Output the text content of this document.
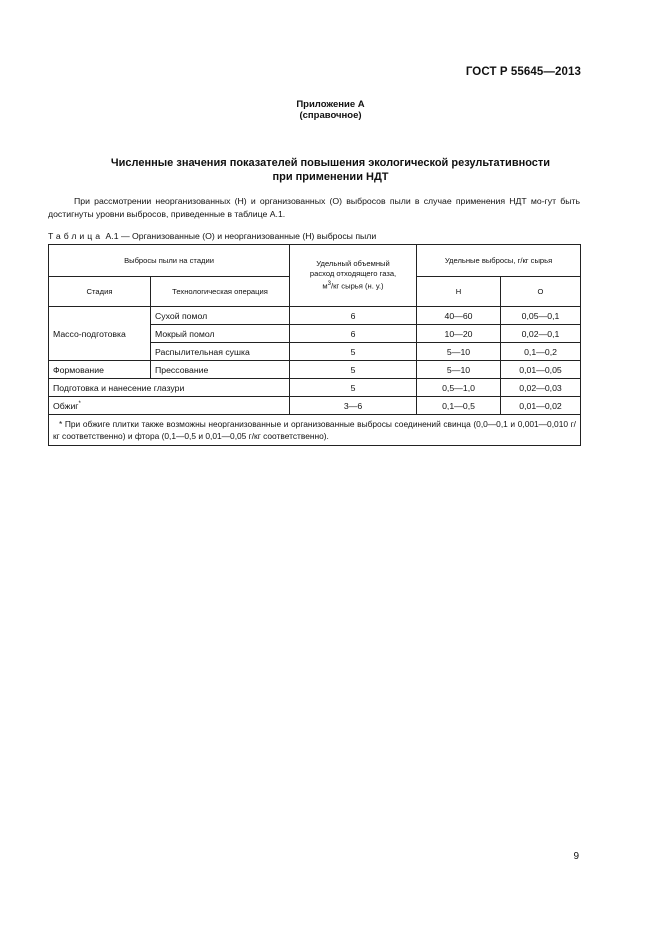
ГОСТ Р 55645—2013
Приложение А
(справочное)
Численные значения показателей повышения экологической результативности
при применении НДТ
При рассмотрении неорганизованных (Н) и организованных (О) выбросов пыли в случае применения НДТ мо-гут быть достигнуты уровни выбросов, приведенные в таблице А.1.
Таблица А.1 — Организованные (О) и неорганизованные (Н) выбросы пыли
Выбросы пыли на стадии		Удельный объемный
расход отходящего газа,
$м^3/кг$ сырья (н. у.)	Удельные выбросы, г/кг сырья	
Стадия	Технологическая операция		Н	О
Массо-подготовка	Сухой помол	6	40—60	0,05—0,1
	Мокрый помол	6	10—20	0,02—0,1
	Распылительная сушка	5	5—10	0,1—0,2
Формование	Прессование	5	5—10	0,01—0,05
Подготовка и нанесение глазури		5	0,5—1,0	0,02—0,03
Обжиг*		3—6	0,1—0,5	0,01—0,02
* При обжиге плитки также возможны неорганизованные и организованные выбросы соединений свинца (0,0—0,1 и 0,001—0,010 г/кг соответственно) и фтора (0,1—0,5 и 0,01—0,05 г/кг соответственно).				
9
